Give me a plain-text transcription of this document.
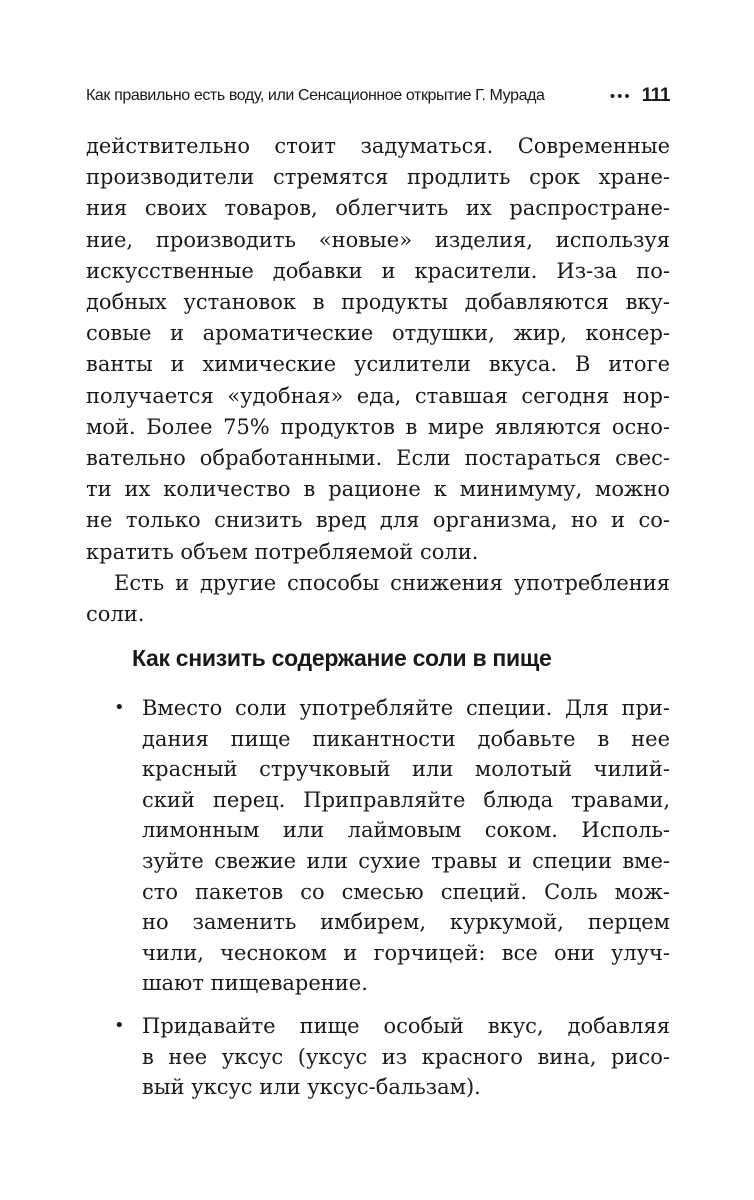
Как правильно есть воду, или Сенсационное открытие Г. Мурада	••• 111
действительно стоит задуматься. Современные
производители стремятся продлить срок хране-
ния своих товаров, облегчить их распростране-
ние, производить «новые» изделия, используя
искусственные добавки и красители. Из-за по-
добных установок в продукты добавляются вку-
совые и ароматические отдушки, жир, консер-
ванты и химические усилители вкуса. В итоге
получается «удобная» еда, ставшая сегодня нор-
мой. Более 75% продуктов в мире являются осно-
вательно обработанными. Если постараться свес-
ти их количество в рационе к минимуму, можно
не только снизить вред для организма, но и со-
кратить объем потребляемой соли.
Есть и другие способы снижения употребления
соли.
Как снизить содержание соли в пище
• Вместо соли употребляйте специи. Для при-
дания пище пикантности добавьте в нее
красный стручковый или молотый чилий-
ский перец. Приправляйте блюда травами,
лимонным или лаймовым соком. Исполь-
зуйте свежие или сухие травы и специи вме-
сто пакетов со смесью специй. Соль мож-
но заменить имбирем, куркумой, перцем
чили, чесноком и горчицей: все они улуч-
шают пищеварение.
• Придавайте пище особый вкус, добавляя
в нее уксус (уксус из красного вина, рисо-
вый уксус или уксус-бальзам).
